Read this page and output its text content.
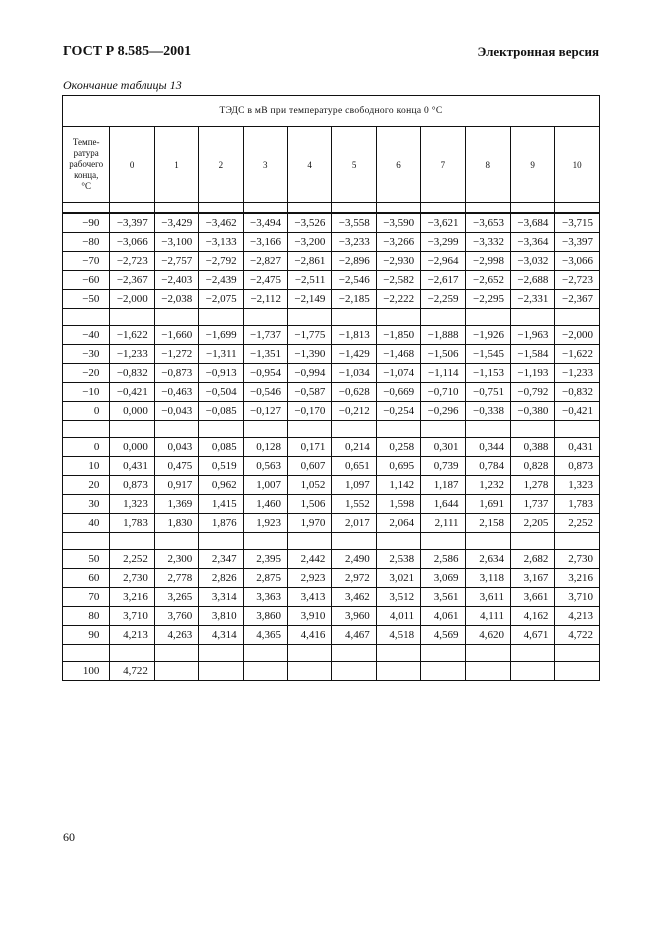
ГОСТ Р 8.585—2001	Электронная версия
Окончание таблицы 13
ТЭДС в мВ при температуре свободного конца 0 °С											
Темпе-
ратура
рабочего
конца,
°С	0	1	2	3	4	5	6	7	8	9	10

−90	−3,397	−3,429	−3,462	−3,494	−3,526	−3,558	−3,590	−3,621	−3,653	−3,684	−3,715
−80	−3,066	−3,100	−3,133	−3,166	−3,200	−3,233	−3,266	−3,299	−3,332	−3,364	−3,397
−70	−2,723	−2,757	−2,792	−2,827	−2,861	−2,896	−2,930	−2,964	−2,998	−3,032	−3,066
−60	−2,367	−2,403	−2,439	−2,475	−2,511	−2,546	−2,582	−2,617	−2,652	−2,688	−2,723
−50	−2,000	−2,038	−2,075	−2,112	−2,149	−2,185	−2,222	−2,259	−2,295	−2,331	−2,367

−40	−1,622	−1,660	−1,699	−1,737	−1,775	−1,813	−1,850	−1,888	−1,926	−1,963	−2,000
−30	−1,233	−1,272	−1,311	−1,351	−1,390	−1,429	−1,468	−1,506	−1,545	−1,584	−1,622
−20	−0,832	−0,873	−0,913	−0,954	−0,994	−1,034	−1,074	−1,114	−1,153	−1,193	−1,233
−10	−0,421	−0,463	−0,504	−0,546	−0,587	−0,628	−0,669	−0,710	−0,751	−0,792	−0,832
0	0,000	−0,043	−0,085	−0,127	−0,170	−0,212	−0,254	−0,296	−0,338	−0,380	−0,421

0	0,000	0,043	0,085	0,128	0,171	0,214	0,258	0,301	0,344	0,388	0,431
10	0,431	0,475	0,519	0,563	0,607	0,651	0,695	0,739	0,784	0,828	0,873
20	0,873	0,917	0,962	1,007	1,052	1,097	1,142	1,187	1,232	1,278	1,323
30	1,323	1,369	1,415	1,460	1,506	1,552	1,598	1,644	1,691	1,737	1,783
40	1,783	1,830	1,876	1,923	1,970	2,017	2,064	2,111	2,158	2,205	2,252

50	2,252	2,300	2,347	2,395	2,442	2,490	2,538	2,586	2,634	2,682	2,730
60	2,730	2,778	2,826	2,875	2,923	2,972	3,021	3,069	3,118	3,167	3,216
70	3,216	3,265	3,314	3,363	3,413	3,462	3,512	3,561	3,611	3,661	3,710
80	3,710	3,760	3,810	3,860	3,910	3,960	4,011	4,061	4,111	4,162	4,213
90	4,213	4,263	4,314	4,365	4,416	4,467	4,518	4,569	4,620	4,671	4,722

100	4,722										
60
